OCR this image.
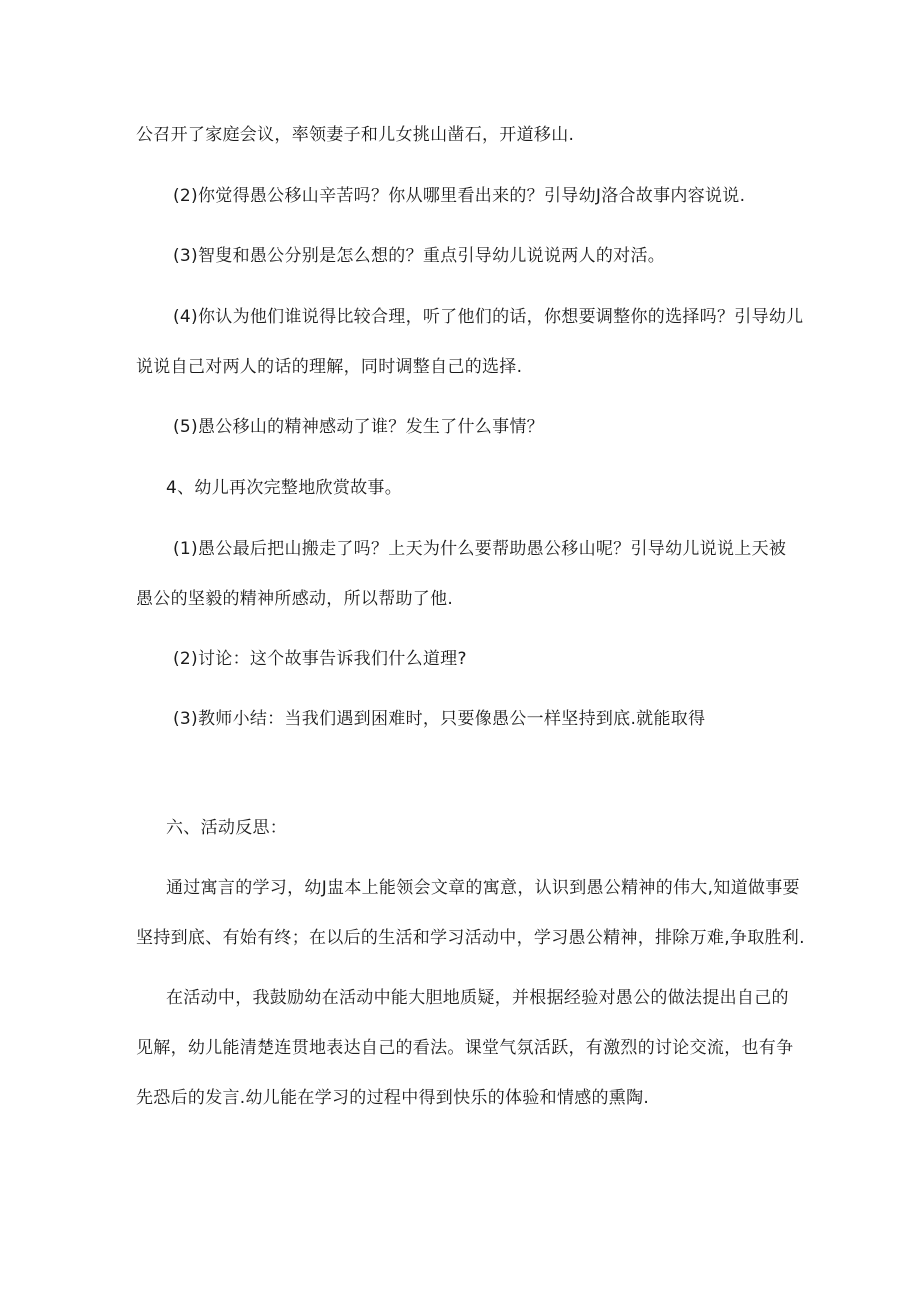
公召开了家庭会议，率领妻子和儿女挑山凿石，开道移山.
(2)你觉得愚公移山辛苦吗？你从哪里看出来的？引导幼J洛合故事内容说说.
(3)智叟和愚公分别是怎么想的？重点引导幼儿说说两人的对活。
(4)你认为他们谁说得比较合理，听了他们的话，你想要调整你的选择吗？引导幼儿
说说自己对两人的话的理解，同时调整自己的选择.
(5)愚公移山的精神感动了谁？发生了什么事情？
4、幼儿再次完整地欣赏故事。
(1)愚公最后把山搬走了吗？上天为什么要帮助愚公移山呢？引导幼儿说说上天被
愚公的坚毅的精神所感动，所以帮助了他.
(2)讨论：这个故事告诉我们什么道理?
(3)教师小结：当我们遇到困难时，只要像愚公一样坚持到底.就能取得
六、活动反思：
通过寓言的学习，幼J盅本上能领会文章的寓意，认识到愚公精神的伟大,知道做事要
坚持到底、有始有终；在以后的生活和学习活动中，学习愚公精神，排除万难,争取胜利.
在活动中，我鼓励幼在活动中能大胆地质疑，并根据经验对愚公的做法提出自己的
见解，幼儿能清楚连贯地表达自己的看法。课堂气氛活跃，有激烈的讨论交流，也有争
先恐后的发言.幼儿能在学习的过程中得到快乐的体验和情感的熏陶.
